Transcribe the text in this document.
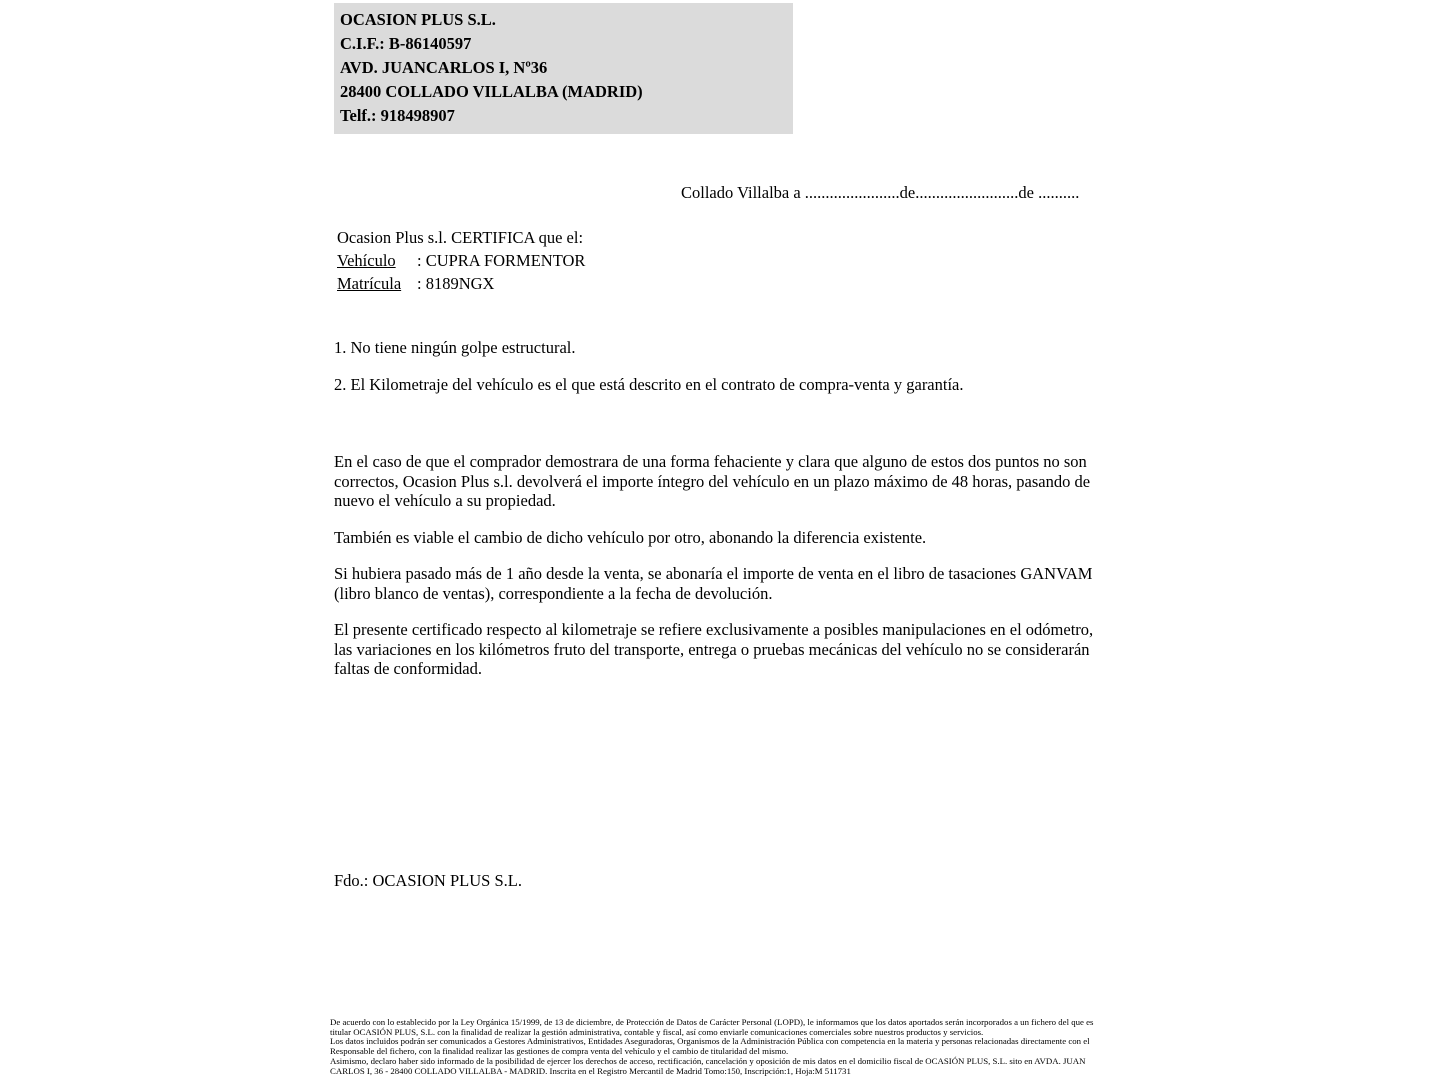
OCASION PLUS S.L.
C.I.F.: B-86140597
AVD. JUANCARLOS I, Nº36
28400 COLLADO VILLALBA (MADRID)
Telf.: 918498907
Collado Villalba a .......................de.........................de ..........
Ocasion Plus s.l. CERTIFICA que el:
Vehículo : CUPRA FORMENTOR
Matrícula : 8189NGX
1. No tiene ningún golpe estructural.
2. El Kilometraje del vehículo es el que está descrito en el contrato de compra-venta y garantía.
En el caso de que el comprador demostrara de una forma fehaciente y clara que alguno de estos dos puntos no son correctos, Ocasion Plus s.l. devolverá el importe íntegro del vehículo en un plazo máximo de 48 horas, pasando de nuevo el vehículo a su propiedad.
También es viable el cambio de dicho vehículo por otro, abonando la diferencia existente.
Si hubiera pasado más de 1 año desde la venta, se abonaría el importe de venta en el libro de tasaciones GANVAM (libro blanco de ventas), correspondiente a la fecha de devolución.
El presente certificado respecto al kilometraje se refiere exclusivamente a posibles manipulaciones en el odómetro, las variaciones en los kilómetros fruto del transporte, entrega o pruebas mecánicas del vehículo no se considerarán faltas de conformidad.
Fdo.: OCASION PLUS S.L.

De acuerdo con lo establecido por la Ley Orgánica 15/1999, de 13 de diciembre, de Protección de Datos de Carácter Personal (LOPD), le informamos que los datos aportados serán incorporados a un fichero del que es titular OCASIÓN PLUS, S.L. con la finalidad de realizar la gestión administrativa, contable y fiscal, así como enviarle comunicaciones comerciales sobre nuestros productos y servicios.

Los datos incluidos podrán ser comunicados a Gestores Administrativos, Entidades Aseguradoras, Organismos de la Administración Pública con competencia en la materia y personas relacionadas directamente con el Responsable del fichero, con la finalidad realizar las gestiones de compra venta del vehículo y el cambio de titularidad del mismo.

Asimismo, declaro haber sido informado de la posibilidad de ejercer los derechos de acceso, rectificación, cancelación y oposición de mis datos en el domicilio fiscal de OCASIÓN PLUS, S.L. sito en AVDA. JUAN CARLOS I, 36 - 28400 COLLADO VILLALBA - MADRID. Inscrita en el Registro Mercantil de Madrid Tomo:150, Inscripción:1, Hoja:M 511731
